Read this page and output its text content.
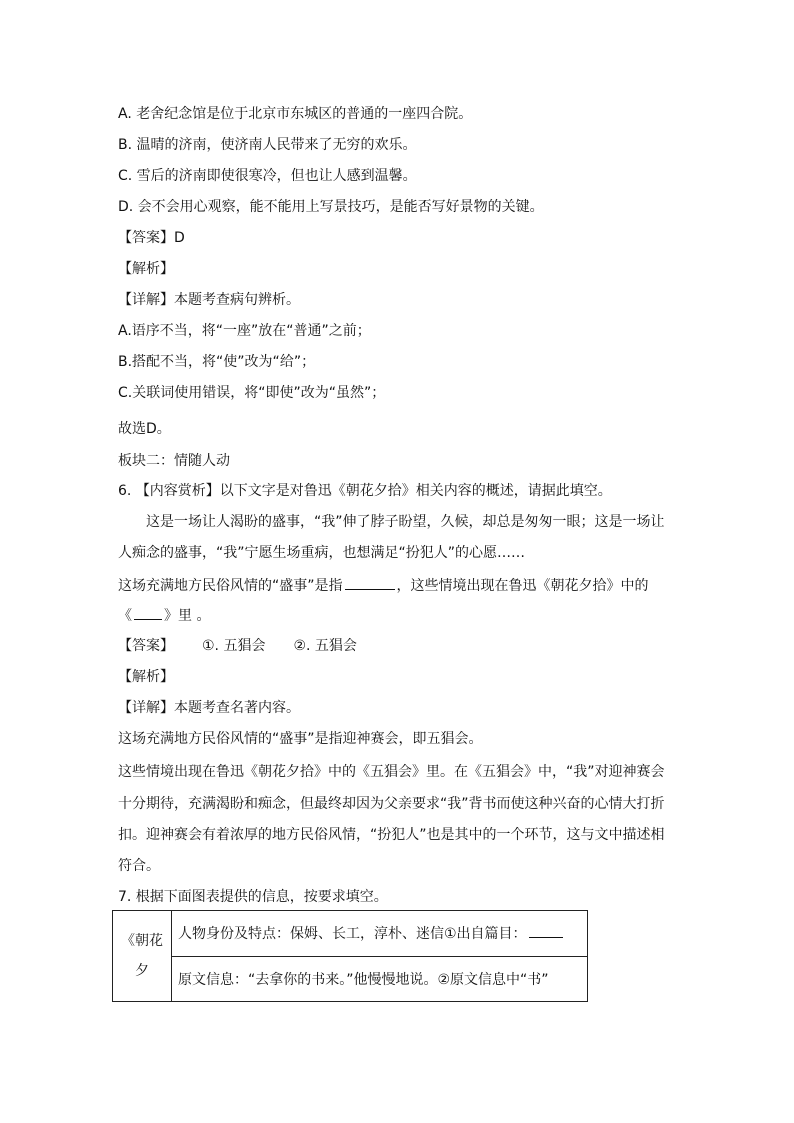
A. 老舍纪念馆是位于北京市东城区的普通的一座四合院。
B. 温晴的济南，使济南人民带来了无穷的欢乐。
C. 雪后的济南即使很寒冷，但也让人感到温馨。
D. 会不会用心观察，能不能用上写景技巧，是能否写好景物的关键。
【答案】D
【解析】
【详解】本题考查病句辨析。
A.语序不当，将“一座”放在“普通”之前；
B.搭配不当，将“使”改为“给”；
C.关联词使用错误，将“即使”改为“虽然”；
故选D。
板块二：情随人动
6. 【内容赏析】以下文字是对鲁迅《朝花夕拾》相关内容的概述，请据此填空。
这是一场让人渴盼的盛事，“我”伸了脖子盼望，久候，却总是匆匆一眼；这是一场让
人痴念的盛事，“我”宁愿生场重病，也想满足“扮犯人”的心愿……
这场充满地方民俗风情的“盛事”是指	，这些情境出现在鲁迅《朝花夕拾》中的
《 》里 。
【答案】 ①. 五猖会 ②. 五猖会
【解析】
【详解】本题考查名著内容。
这场充满地方民俗风情的“盛事”是指迎神赛会，即五猖会。
这些情境出现在鲁迅《朝花夕拾》中的《五猖会》里。在《五猖会》中，“我”对迎神赛会
十分期待，充满渴盼和痴念，但最终却因为父亲要求“我”背书而使这种兴奋的心情大打折
扣。迎神赛会有着浓厚的地方民俗风情，“扮犯人”也是其中的一个环节，这与文中描述相
符合。
7. 根据下面图表提供的信息，按要求填空。
《朝花夕	人物身份及特点：保姆、长工，淳朴、迷信①出自篇目：
原文信息：“去拿你的书来。”他慢慢地说。②原文信息中“书”
